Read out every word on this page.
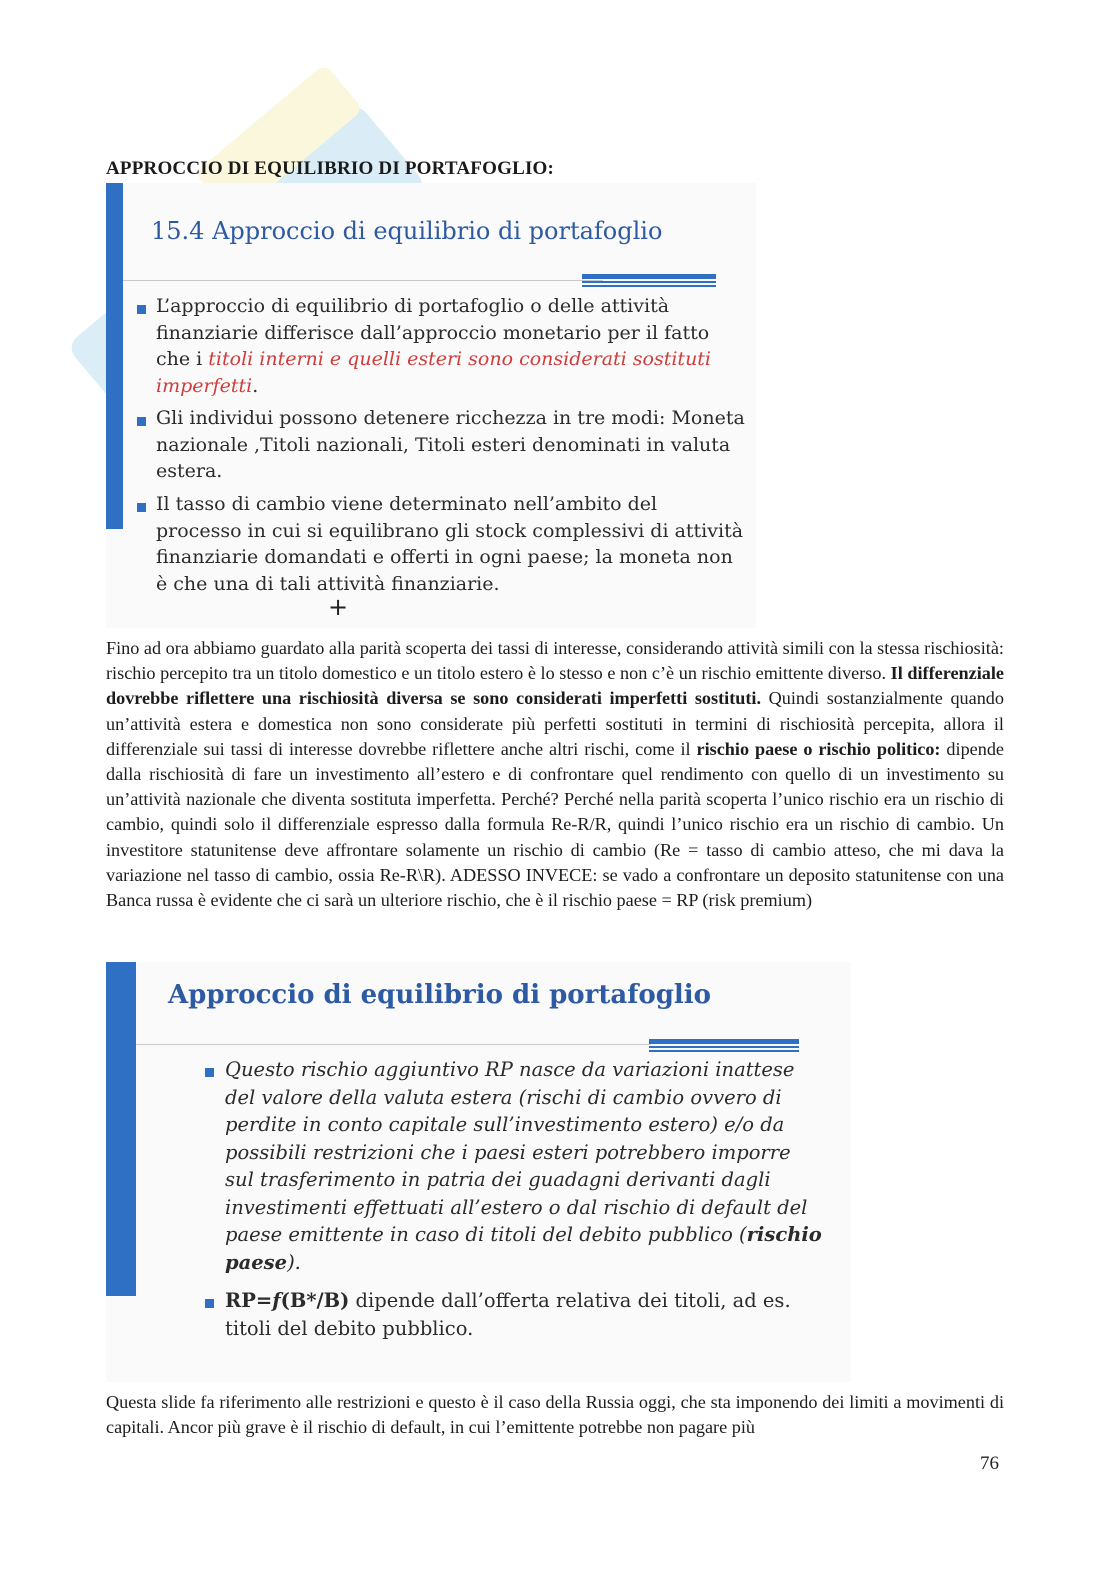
APPROCCIO DI EQUILIBRIO DI PORTAFOGLIO:
15.4 Approccio di equilibrio di portafoglio
L’approccio di equilibrio di portafoglio o delle attività finanziarie differisce dall’approccio monetario per il fatto che i titoli interni e quelli esteri sono considerati sostituti imperfetti.
Gli individui possono detenere ricchezza in tre modi: Moneta nazionale ,Titoli nazionali, Titoli esteri denominati in valuta estera.
Il tasso di cambio viene determinato nell’ambito del processo in cui si equilibrano gli stock complessivi di attività finanziarie domandati e offerti in ogni paese; la moneta non è che una di tali attività finanziarie.
+
Fino ad ora abbiamo guardato alla parità scoperta dei tassi di interesse, considerando attività simili con la stessa rischiosità: rischio percepito tra un titolo domestico e un titolo estero è lo stesso e non c’è un rischio emittente diverso. Il differenziale dovrebbe riflettere una rischiosità diversa se sono considerati imperfetti sostituti. Quindi sostanzialmente quando un’attività estera e domestica non sono considerate più perfetti sostituti in termini di rischiosità percepita, allora il differenziale sui tassi di interesse dovrebbe riflettere anche altri rischi, come il rischio paese o rischio politico: dipende dalla rischiosità di fare un investimento all’estero e di confrontare quel rendimento con quello di un investimento su un’attività nazionale che diventa sostituta imperfetta. Perché? Perché nella parità scoperta l’unico rischio era un rischio di cambio, quindi solo il differenziale espresso dalla formula Re-R/R, quindi l’unico rischio era un rischio di cambio. Un investitore statunitense deve affrontare solamente un rischio di cambio (Re = tasso di cambio atteso, che mi dava la variazione nel tasso di cambio, ossia Re-R\R). ADESSO INVECE: se vado a confrontare un deposito statunitense con una Banca russa è evidente che ci sarà un ulteriore rischio, che è il rischio paese = RP (risk premium)
Approccio di equilibrio di portafoglio
Questo rischio aggiuntivo RP nasce da variazioni inattese del valore della valuta estera (rischi di cambio ovvero di perdite in conto capitale sull’investimento estero) e/o da possibili restrizioni che i paesi esteri potrebbero imporre sul trasferimento in patria dei guadagni derivanti dagli investimenti effettuati all’estero o dal rischio di default del paese emittente in caso di titoli del debito pubblico (rischio paese).
RP=f(B*/B) dipende dall’offerta relativa dei titoli, ad es. titoli del debito pubblico.
Questa slide fa riferimento alle restrizioni e questo è il caso della Russia oggi, che sta imponendo dei limiti a movimenti di capitali. Ancor più grave è il rischio di default, in cui l’emittente potrebbe non pagare più
76
